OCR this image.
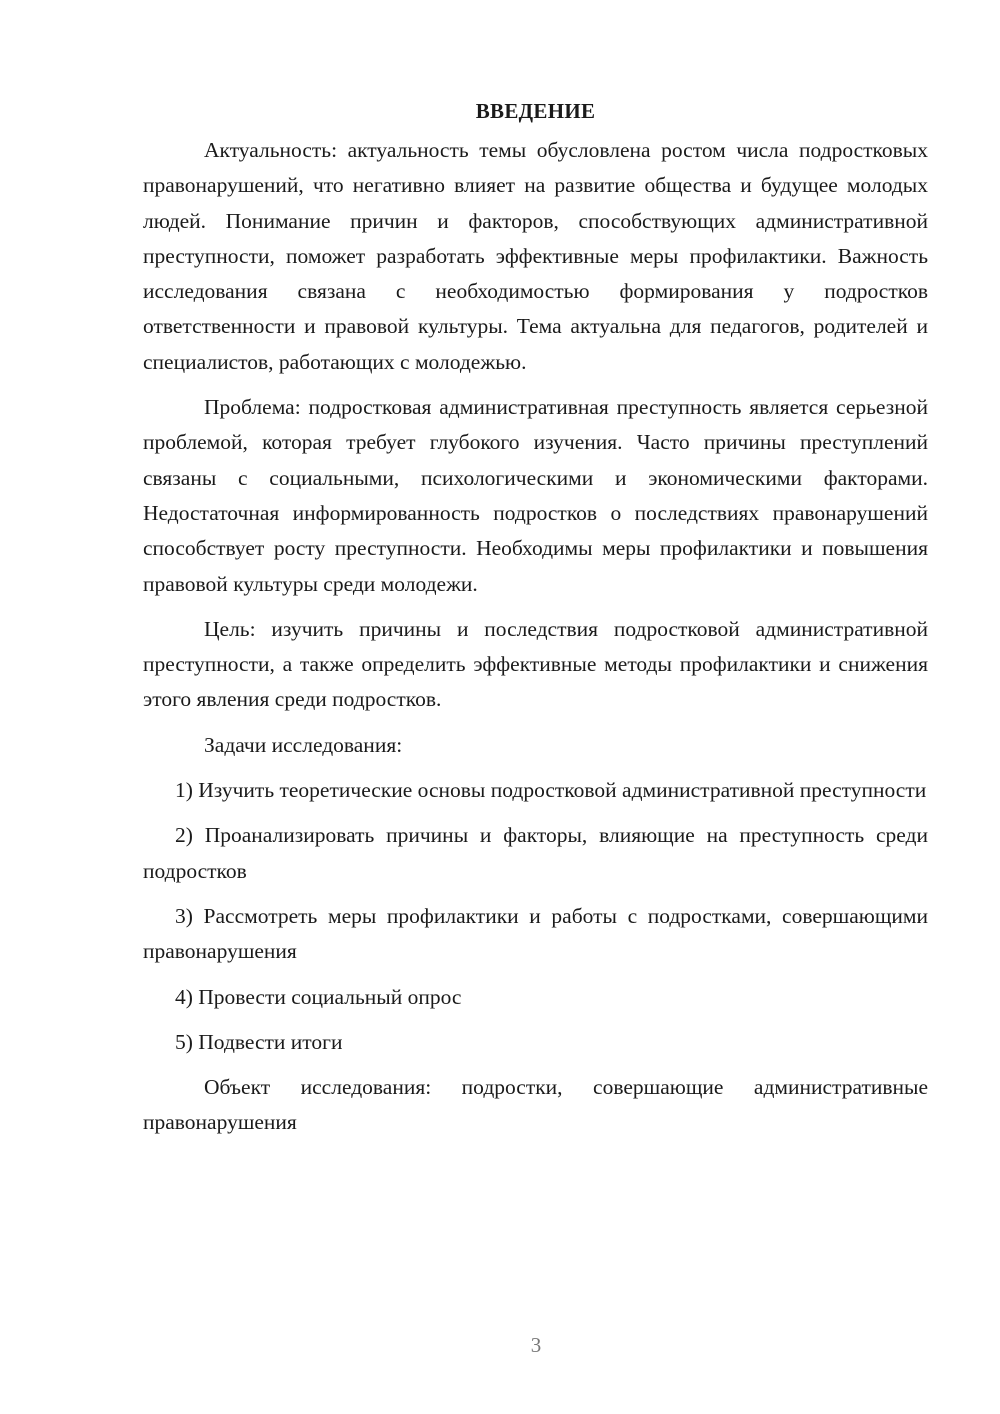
ВВЕДЕНИЕ

Актуальность: актуальность темы обусловлена ростом числа подростковых правонарушений, что негативно влияет на развитие общества и будущее молодых людей. Понимание причин и факторов, способствующих административной преступности, поможет разработать эффективные меры профилактики. Важность исследования связана с необходимостью формирования у подростков ответственности и правовой культуры. Тема актуальна для педагогов, родителей и специалистов, работающих с молодежью.

Проблема: подростковая административная преступность является серьезной проблемой, которая требует глубокого изучения. Часто причины преступлений связаны с социальными, психологическими и экономическими факторами. Недостаточная информированность подростков о последствиях правонарушений способствует росту преступности. Необходимы меры профилактики и повышения правовой культуры среди молодежи.

Цель: изучить причины и последствия подростковой административной преступности, а также определить эффективные методы профилактики и снижения этого явления среди подростков.

Задачи исследования:

1) Изучить теоретические основы подростковой административной преступности

2) Проанализировать причины и факторы, влияющие на преступность среди подростков

3) Рассмотреть меры профилактики и работы с подростками, совершающими правонарушения

4) Провести социальный опрос

5) Подвести итоги

Объект исследования: подростки, совершающие административные правонарушения

3
